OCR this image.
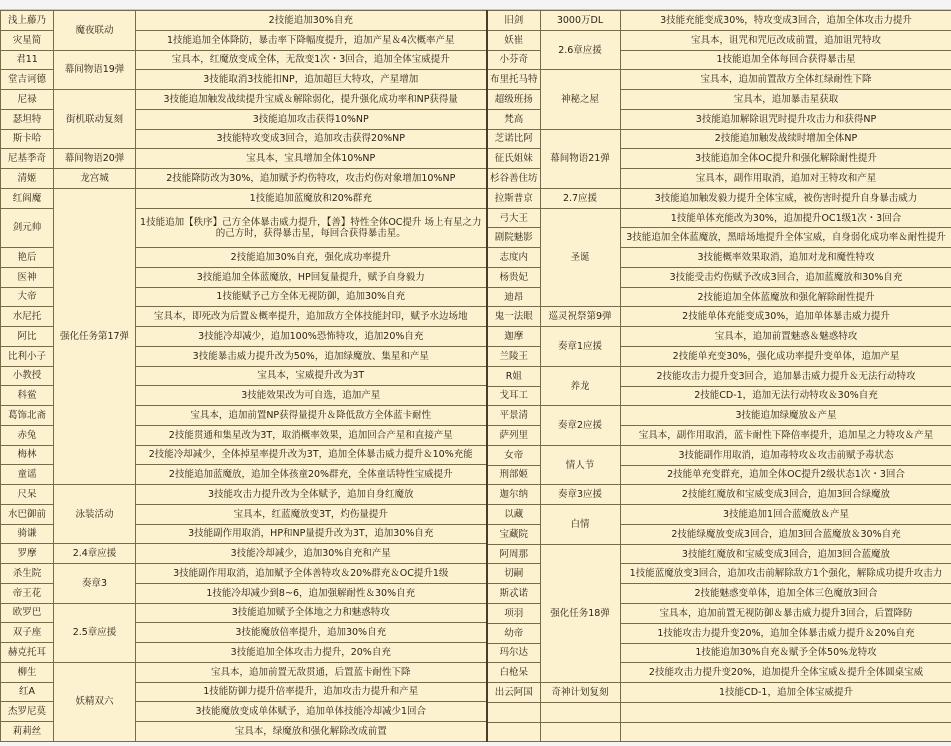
浅上藤乃	魔夜联动	2技能追加30%自充
灾星简		1技能追加全体降防，暴击率下降幅度提升，追加产星＆4次概率产星
君11	幕间物语19弹	宝具本，红魔放变成全体，无敌变1次・3回合，追加全体宝威提升
堂吉诃德		3技能取消3技能扣NP，追加超巨大特攻，产星增加
尼禄	街机联动复刻	3技能追加触发战续提升宝威＆解除弱化，提升强化成功率和NP获得量
瑟坦特		3技能追加攻击获得10%NP
斯卡哈		3技能特攻变成3回合，追加攻击获得20%NP
尼基季奇	幕间物语20弹	宝具本，宝具增加全体10%NP
清姬	龙宫城	2技能降防改为30%，追加赋予灼伤特攻，攻击灼伤对象增加10%NP
红阎魔	强化任务第17弹	1技能追加蓝魔放和20%群充
剑元帅		1技能追加【秩序】己方全体暴击威力提升，【善】特性全体OC提升 场上有星之力的己方时，获得暴击星，每回合获得暴击星。
艳后		2技能追加30%自充，强化成功率提升
医神		3技能追加全体蓝魔放，HP回复量提升，赋予自身毅力
大帝		1技能赋予己方全体无视防御，追加30%自充
水尼托		宝具本，即死改为后置＆概率提升，追加敌方全体技能封印，赋予水边场地
阿比		3技能冷却减少，追加100%恐怖特攻，追加20%自充
比利小子		3技能暴击威力提升改为50%，追加绿魔放、集星和产星
小教授		宝具本，宝威提升改为3T
科鲎		3技能效果改为可自选，追加产星
葛饰北斋		宝具本，追加前置NP获得量提升＆降低敌方全体蓝卡耐性
赤兔		2技能贯通和集星改为3T，取消概率效果，追加回合产星和直接产星
梅林		2技能冷却减少，全体掉星率提升改为3T，追加全体暴击威力提升＆10%充能
童谣		2技能追加蓝魔放，追加全体孩童20%群充，全体童话特性宝威提升
尺呆	泳装活动	3技能攻击力提升改为全体赋予，追加自身红魔放
水巴御前		宝具本，红蓝魔放变3T，灼伤量提升
骑谦		3技能副作用取消，HP和NP量提升改为3T，追加30%自充
罗摩	2.4章应援	3技能冷却减少，追加30%自充和产星
杀生院	奏章3	3技能副作用取消，追加赋予全体善特攻＆20%群充＆OC提升1级
帝王花		1技能冷却减少到8~6，追加强解耐性＆30%自充
欧罗巴	2.5章应援	3技能追加赋予全体地之力和魅惑特攻
双子座		3技能魔放倍率提升，追加30%自充
赫克托耳		3技能追加全体攻击力提升，20%自充
柳生	妖精双六	宝具本，追加前置无敌贯通，后置蓝卡耐性下降
红A		1技能防御力提升倍率提升，追加攻击力提升和产星
杰罗尼莫		3技能魔放变成单体赋予，追加单体技能冷却减少1回合
莉莉丝		宝具本，绿魔放和强化解除改成前置
旧剑	3000万DL	3技能充能变成30%，特攻变成3回合，追加全体攻击力提升
妖崔	2.6章应援	宝具本，诅咒和咒厄改成前置，追加诅咒特攻
小芬奇		1技能追加全体每回合获得暴击星
布里托马特	神秘之屋	宝具本，追加前置敌方全体红绿耐性下降
超级班扬		宝具本，追加暴击星获取
梵高		3技能追加解除诅咒时提升攻击力和获得NP
芝诺比阿	幕间物语21弹	2技能追加触发战续时增加全体NP
征氏姐妹		3技能追加全体OC提升和强化解除耐性提升
杉谷善住坊		宝具本，副作用取消，追加对王特攻和产星
拉斯普京	2.7应援	3技能追加触发毅力提升全体宝威，被伤害时提升自身暴击威力
弓大王	圣诞	1技能单体充能改为30%，追加提升OC1级1次・3回合
剧院魅影		3技能追加全体蓝魔放，黑暗场地提升全体宝威，自身弱化成功率＆耐性提升
志度内		3技能概率效果取消，追加对龙和魔性特攻
杨贵妃		3技能受击灼伤赋予改成3回合，追加蓝魔放和30%自充
迪昂		2技能追加全体蓝魔放和强化解除耐性提升
鬼一法眼	巡灵祝祭第9弹	2技能单体充能变成30%，追加单体暴击威力提升
迦摩	奏章1应援	宝具本，追加前置魅惑＆魅惑特攻
兰陵王		2技能单充变30%，强化成功率提升变单体，追加产星
R姐	养龙	2技能攻击力提升变3回合，追加暴击威力提升＆无法行动特攻
戈耳工		2技能CD-1，追加无法行动特攻＆30%自充
平景清	奏章2应援	3技能追加绿魔放＆产星
萨列里		宝具本，副作用取消，蓝卡耐性下降倍率提升，追加星之力特攻＆产星
女帝	情人节	3技能副作用取消，追加毒特攻＆攻击前赋予毒状态
刑部姬		2技能单充变群充，追加全体OC提升2级状态1次・3回合
迦尔纳	奏章3应援	2技能红魔放和宝威变成3回合，追加3回合绿魔放
以藏	白情	3技能追加1回合蓝魔放＆产星
宝藏院		2技能绿魔放变成3回合，追加3回合蓝魔放＆30%自充
阿周那	强化任务18弹	3技能红魔放和宝威变成3回合，追加3回合蓝魔放
切嗣		1技能蓝魔放变3回合，追加攻击前解除敌方1个强化，解除成功提升攻击力
斯忒诺		2技能魅惑变单体，追加全体三色魔放3回合
项羽		宝具本，追加前置无视防御＆暴击威力提升3回合，后置降防
幼帝		1技能攻击力提升变20%，追加全体暴击威力提升＆20%自充
玛尔达		1技能追加30%自充＆赋予全体50%龙特攻
白枪呆		2技能攻击力提升变20%，追加提升全体宝威＆提升全体圆桌宝威
出云阿国	奇神计划复刻	1技能CD-1，追加全体宝威提升
